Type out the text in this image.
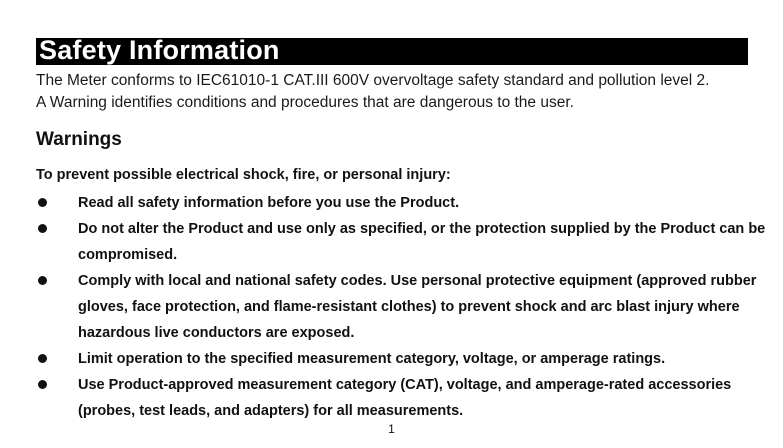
Safety Information

The Meter conforms to IEC61010-1 CAT.III 600V overvoltage safety standard and pollution level 2.

A Warning identifies conditions and procedures that are dangerous to the user.

Warnings
To prevent possible electrical shock, fire, or personal injury:
Read all safety information before you use the Product.
Do not alter the Product and use only as specified, or the protection supplied by the Product can be compromised.
Comply with local and national safety codes. Use personal protective equipment (approved rubber gloves, face protection, and flame-resistant clothes) to prevent shock and arc blast injury where hazardous live conductors are exposed.
Limit operation to the specified measurement category, voltage, or amperage ratings.
Use Product-approved measurement category (CAT), voltage, and amperage-rated accessories (probes, test leads, and adapters) for all measurements.
1
